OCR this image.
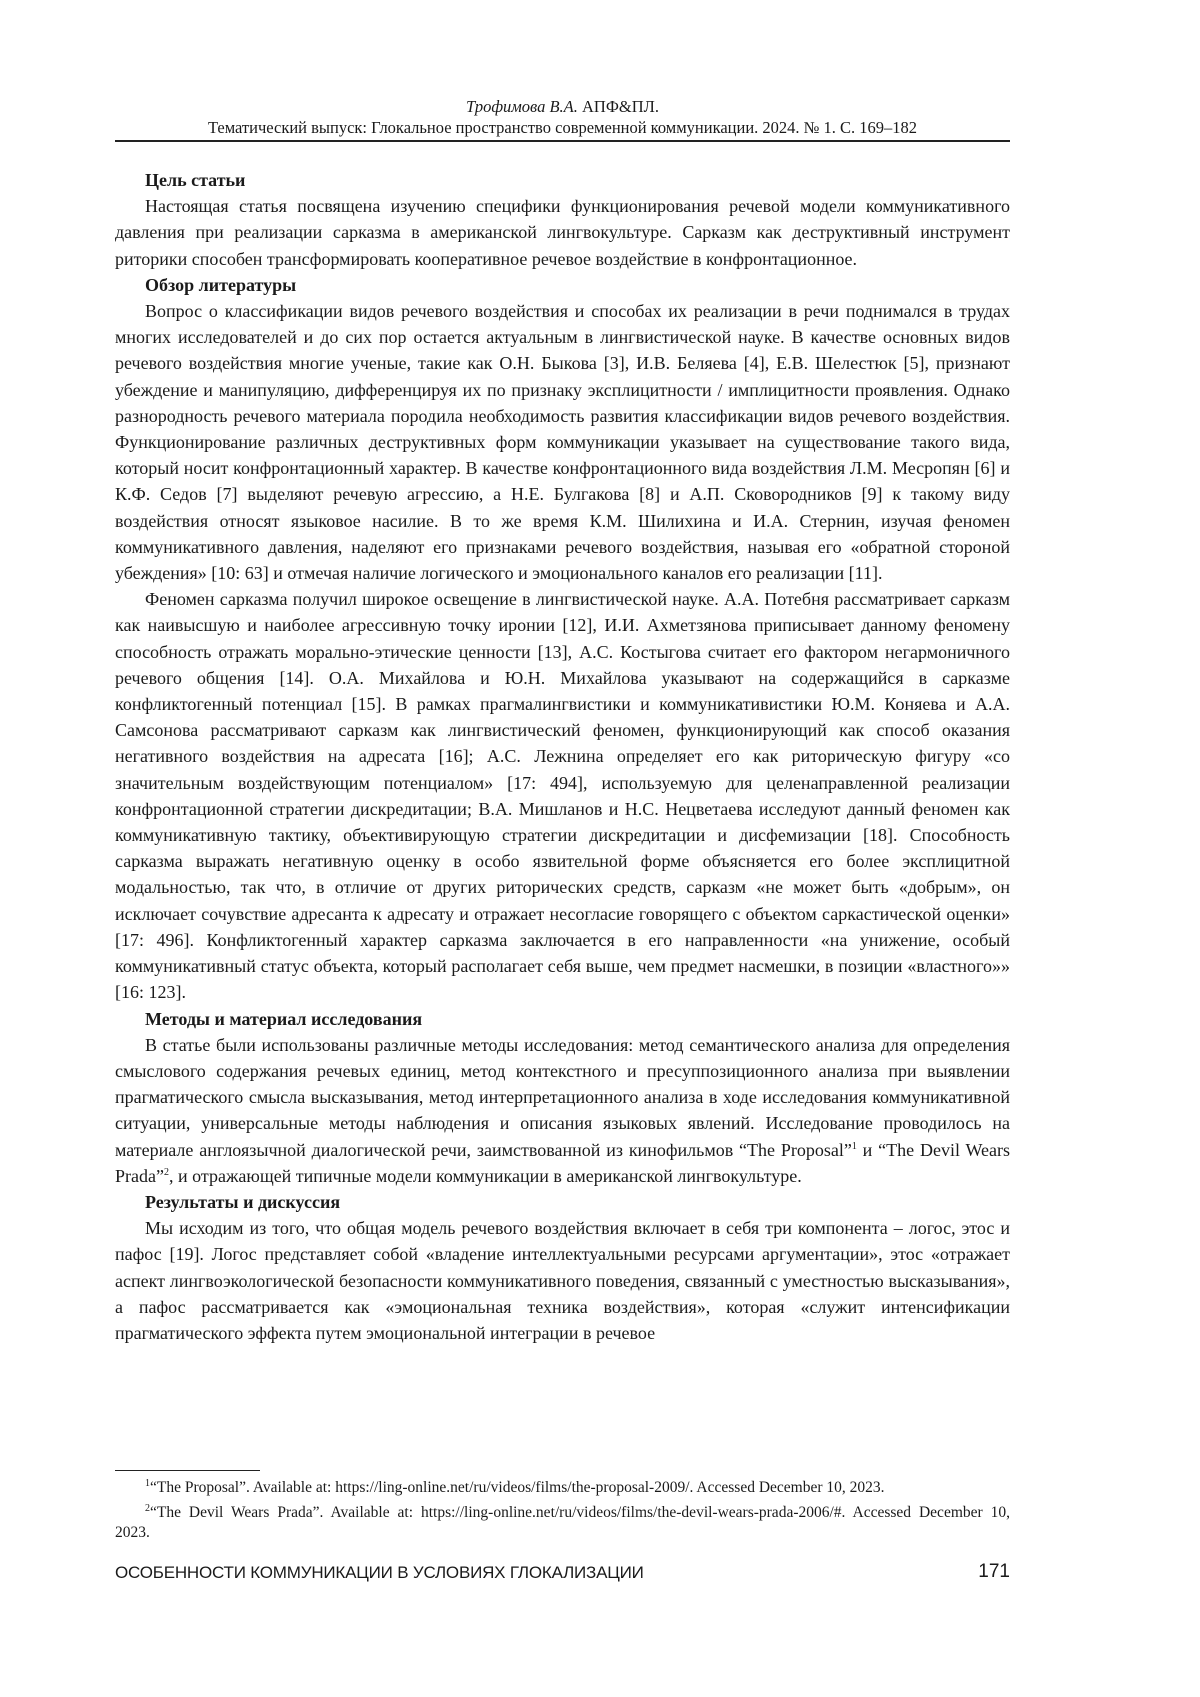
Трофимова В.А. АПФ&ПЛ.
Тематический выпуск: Глокальное пространство современной коммуникации. 2024. № 1. С. 169–182
Цель статьи

Настоящая статья посвящена изучению специфики функционирования речевой модели коммуникативного давления при реализации сарказма в американской лингвокультуре. Сарказм как деструктивный инструмент риторики способен трансформировать кооперативное речевое воздействие в конфронтационное.

Обзор литературы

Вопрос о классификации видов речевого воздействия и способах их реализации в речи поднимался в трудах многих исследователей и до сих пор остается актуальным в лингвистической науке. В качестве основных видов речевого воздействия многие ученые, такие как О.Н. Быкова [3], И.В. Беляева [4], Е.В. Шелестюк [5], признают убеждение и манипуляцию, дифференцируя их по признаку эксплицитности / имплицитности проявления. Однако разнородность речевого материала породила необходимость развития классификации видов речевого воздействия. Функционирование различных деструктивных форм коммуникации указывает на существование такого вида, который носит конфронтационный характер. В качестве конфронтационного вида воздействия Л.М. Месропян [6] и К.Ф. Седов [7] выделяют речевую агрессию, а Н.Е. Булгакова [8] и А.П. Сковородников [9] к такому виду воздействия относят языковое насилие. В то же время К.М. Шилихина и И.А. Стернин, изучая феномен коммуникативного давления, наделяют его признаками речевого воздействия, называя его «обратной стороной убеждения» [10: 63] и отмечая наличие логического и эмоционального каналов его реализации [11].

Феномен сарказма получил широкое освещение в лингвистической науке. А.А. Потебня рассматривает сарказм как наивысшую и наиболее агрессивную точку иронии [12], И.И. Ахметзянова приписывает данному феномену способность отражать морально-этические ценности [13], А.С. Костыгова считает его фактором негармоничного речевого общения [14]. О.А. Михайлова и Ю.Н. Михайлова указывают на содержащийся в сарказме конфликтогенный потенциал [15]. В рамках прагмалингвистики и коммуникативистики Ю.М. Коняева и А.А. Самсонова рассматривают сарказм как лингвистический феномен, функционирующий как способ оказания негативного воздействия на адресата [16]; А.С. Лежнина определяет его как риторическую фигуру «со значительным воздействующим потенциалом» [17: 494], используемую для целенаправленной реализации конфронтационной стратегии дискредитации; В.А. Мишланов и Н.С. Нецветаева исследуют данный феномен как коммуникативную тактику, объективирующую стратегии дискредитации и дисфемизации [18]. Способность сарказма выражать негативную оценку в особо язвительной форме объясняется его более эксплицитной модальностью, так что, в отличие от других риторических средств, сарказм «не может быть «добрым», он исключает сочувствие адресанта к адресату и отражает несогласие говорящего с объектом саркастической оценки» [17: 496]. Конфликтогенный характер сарказма заключается в его направленности «на унижение, особый коммуникативный статус объекта, который располагает себя выше, чем предмет насмешки, в позиции «властного»» [16: 123].

Методы и материал исследования

В статье были использованы различные методы исследования: метод семантического анализа для определения смыслового содержания речевых единиц, метод контекстного и пресуппозиционного анализа при выявлении прагматического смысла высказывания, метод интерпретационного анализа в ходе исследования коммуникативной ситуации, универсальные методы наблюдения и описания языковых явлений. Исследование проводилось на материале англоязычной диалогической речи, заимствованной из кинофильмов “The Proposal”$^1$ и “The Devil Wears Prada”$^2$, и отражающей типичные модели коммуникации в американской лингвокультуре.

Результаты и дискуссия

Мы исходим из того, что общая модель речевого воздействия включает в себя три компонента – логос, этос и пафос [19]. Логос представляет собой «владение интеллектуальными ресурсами аргументации», этос «отражает аспект лингвоэкологической безопасности коммуникативного поведения, связанный с уместностью высказывания», а пафос рассматривается как «эмоциональная техника воздействия», которая «служит интенсификации прагматического эффекта путем эмоциональной интеграции в речевое

$^1$“The Proposal”. Available at: https://ling-online.net/ru/videos/films/the-proposal-2009/. Accessed December 10, 2023.

$^2$“The Devil Wears Prada”. Available at: https://ling-online.net/ru/videos/films/the-devil-wears-prada-2006/#. Accessed December 10, 2023.

ОСОБЕННОСТИ КОММУНИКАЦИИ В УСЛОВИЯХ ГЛОКАЛИЗАЦИИ	171
